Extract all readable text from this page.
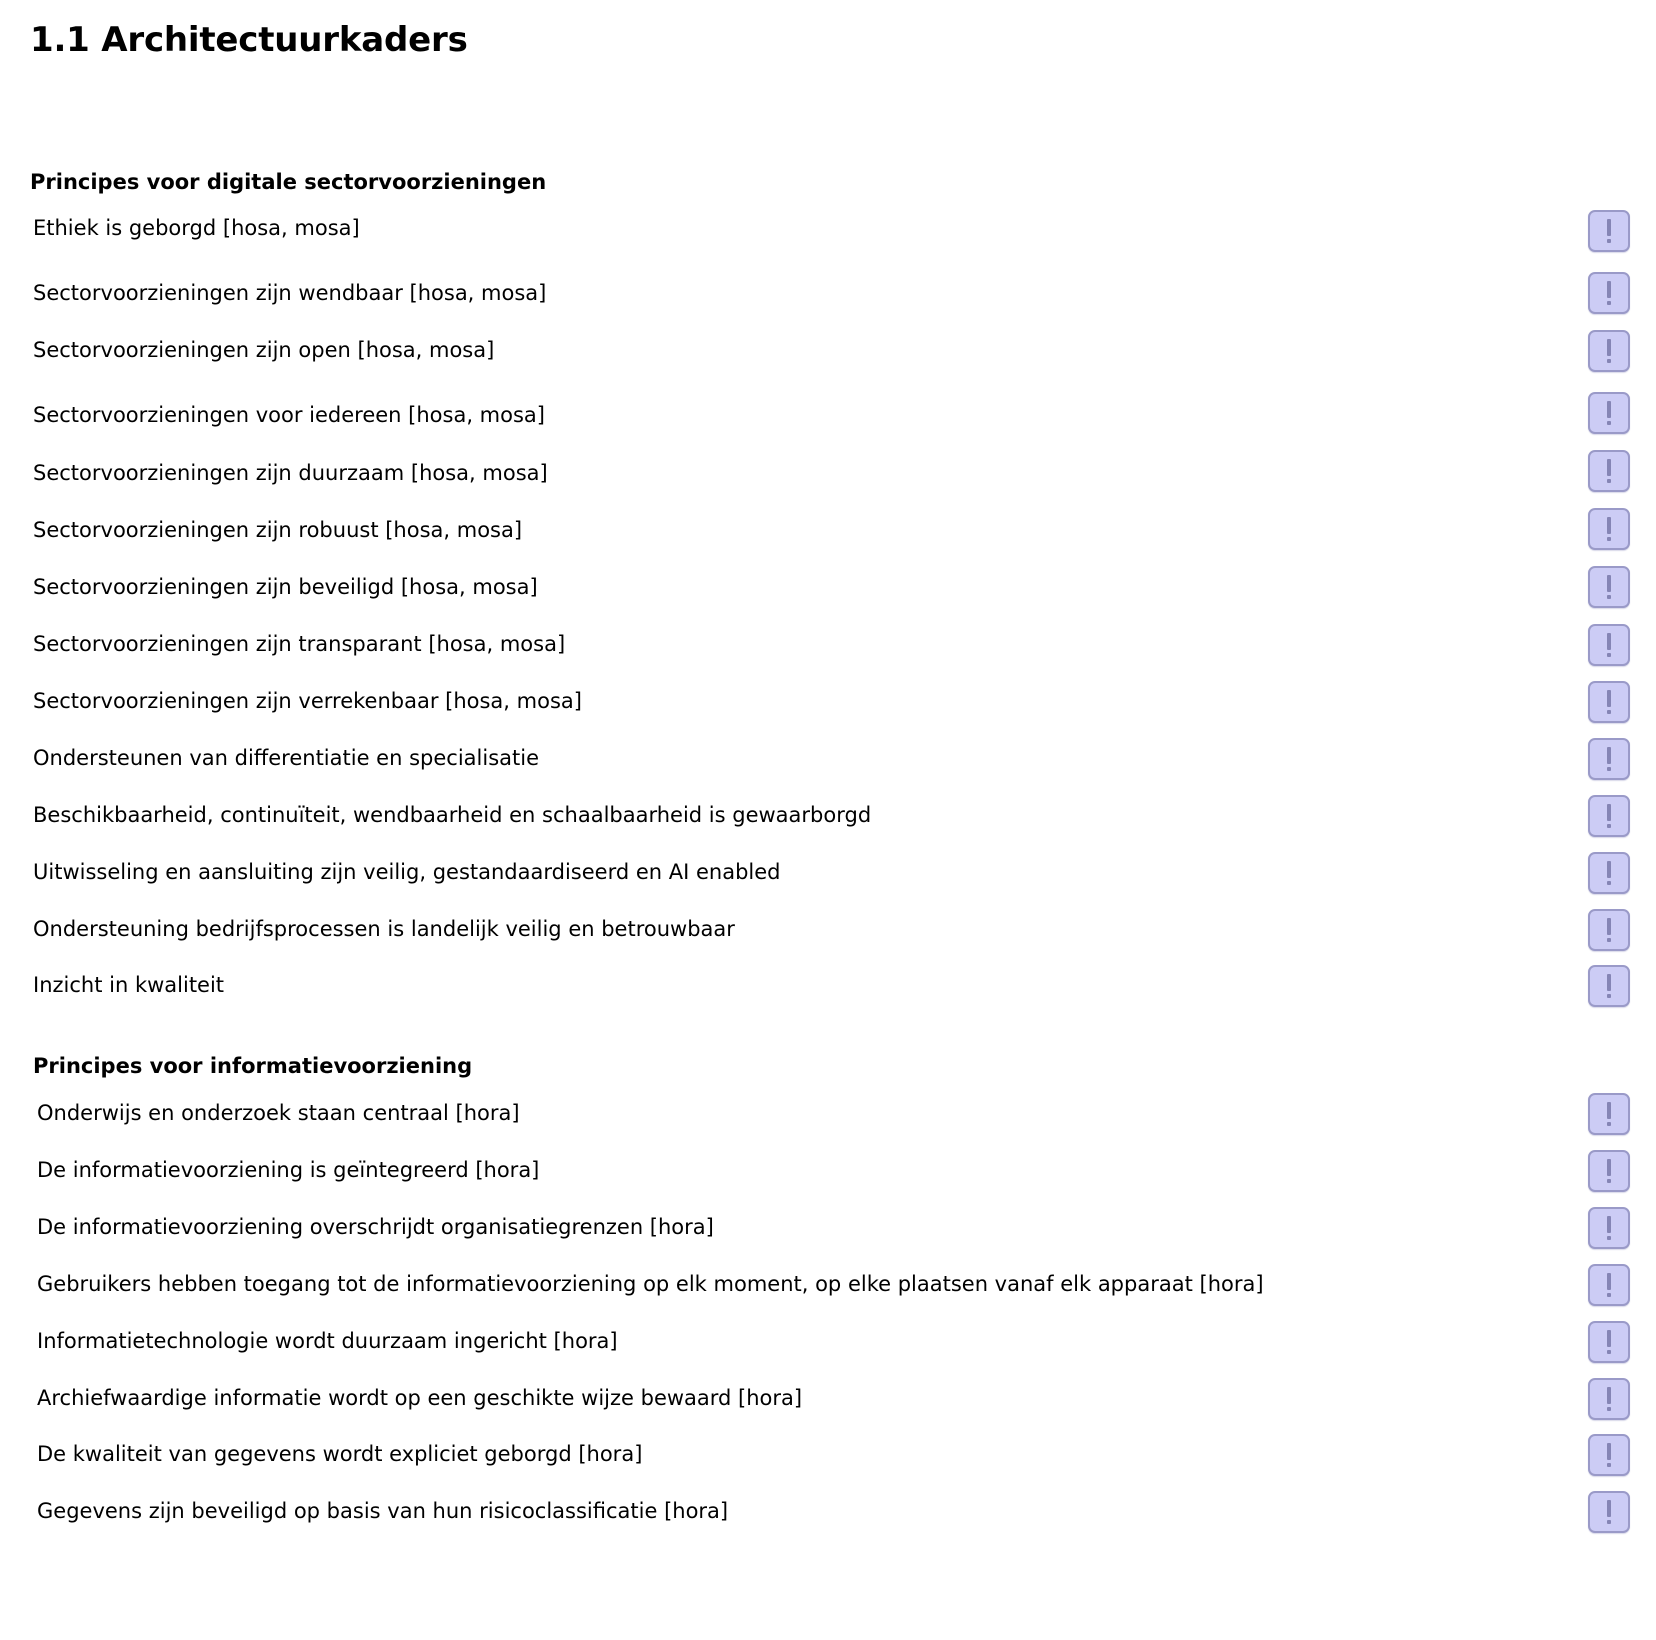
1.1 Architectuurkaders
Principes voor digitale sectorvoorzieningen
Ethiek is geborgd [hosa, mosa]
Sectorvoorzieningen zijn wendbaar [hosa, mosa]
Sectorvoorzieningen zijn open [hosa, mosa]
Sectorvoorzieningen voor iedereen [hosa, mosa]
Sectorvoorzieningen zijn duurzaam [hosa, mosa]
Sectorvoorzieningen zijn robuust [hosa, mosa]
Sectorvoorzieningen zijn beveiligd [hosa, mosa]
Sectorvoorzieningen zijn transparant [hosa, mosa]
Sectorvoorzieningen zijn verrekenbaar [hosa, mosa]
Ondersteunen van differentiatie en specialisatie
Beschikbaarheid, continuïteit, wendbaarheid en schaalbaarheid is gewaarborgd
Uitwisseling en aansluiting zijn veilig, gestandaardiseerd en AI enabled
Ondersteuning bedrijfsprocessen is landelijk veilig en betrouwbaar
Inzicht in kwaliteit
Principes voor informatievoorziening
Onderwijs en onderzoek staan centraal [hora]
De informatievoorziening is geïntegreerd [hora]
De informatievoorziening overschrijdt organisatiegrenzen [hora]
Gebruikers hebben toegang tot de informatievoorziening op elk moment, op elke plaatsen vanaf elk apparaat [hora]
Informatietechnologie wordt duurzaam ingericht [hora]
Archiefwaardige informatie wordt op een geschikte wijze bewaard [hora]
De kwaliteit van gegevens wordt expliciet geborgd [hora]
Gegevens zijn beveiligd op basis van hun risicoclassificatie [hora]
